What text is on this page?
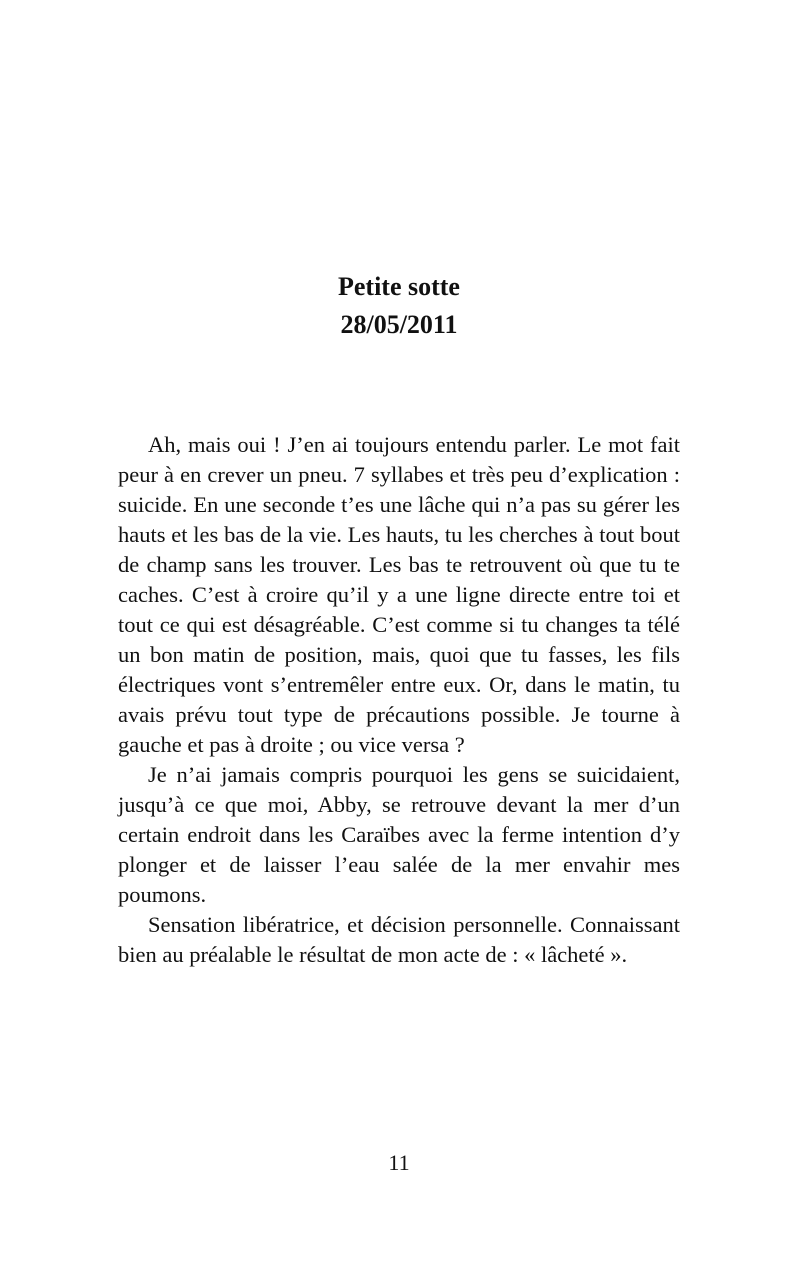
Petite sotte

28/05/2011

Ah, mais oui ! J’en ai toujours entendu parler. Le mot fait peur à en crever un pneu. 7 syllabes et très peu d’explication : suicide. En une seconde t’es une lâche qui n’a pas su gérer les hauts et les bas de la vie. Les hauts, tu les cherches à tout bout de champ sans les trouver. Les bas te retrouvent où que tu te caches. C’est à croire qu’il y a une ligne directe entre toi et tout ce qui est désagréable. C’est comme si tu changes ta télé un bon matin de position, mais, quoi que tu fasses, les fils électriques vont s’entremêler entre eux. Or, dans le matin, tu avais prévu tout type de précautions possible. Je tourne à gauche et pas à droite ; ou vice versa ?

Je n’ai jamais compris pourquoi les gens se suicidaient, jusqu’à ce que moi, Abby, se retrouve devant la mer d’un certain endroit dans les Caraïbes avec la ferme intention d’y plonger et de laisser l’eau salée de la mer envahir mes poumons.

Sensation libératrice, et décision personnelle. Connaissant bien au préalable le résultat de mon acte de : « lâcheté ».

11
